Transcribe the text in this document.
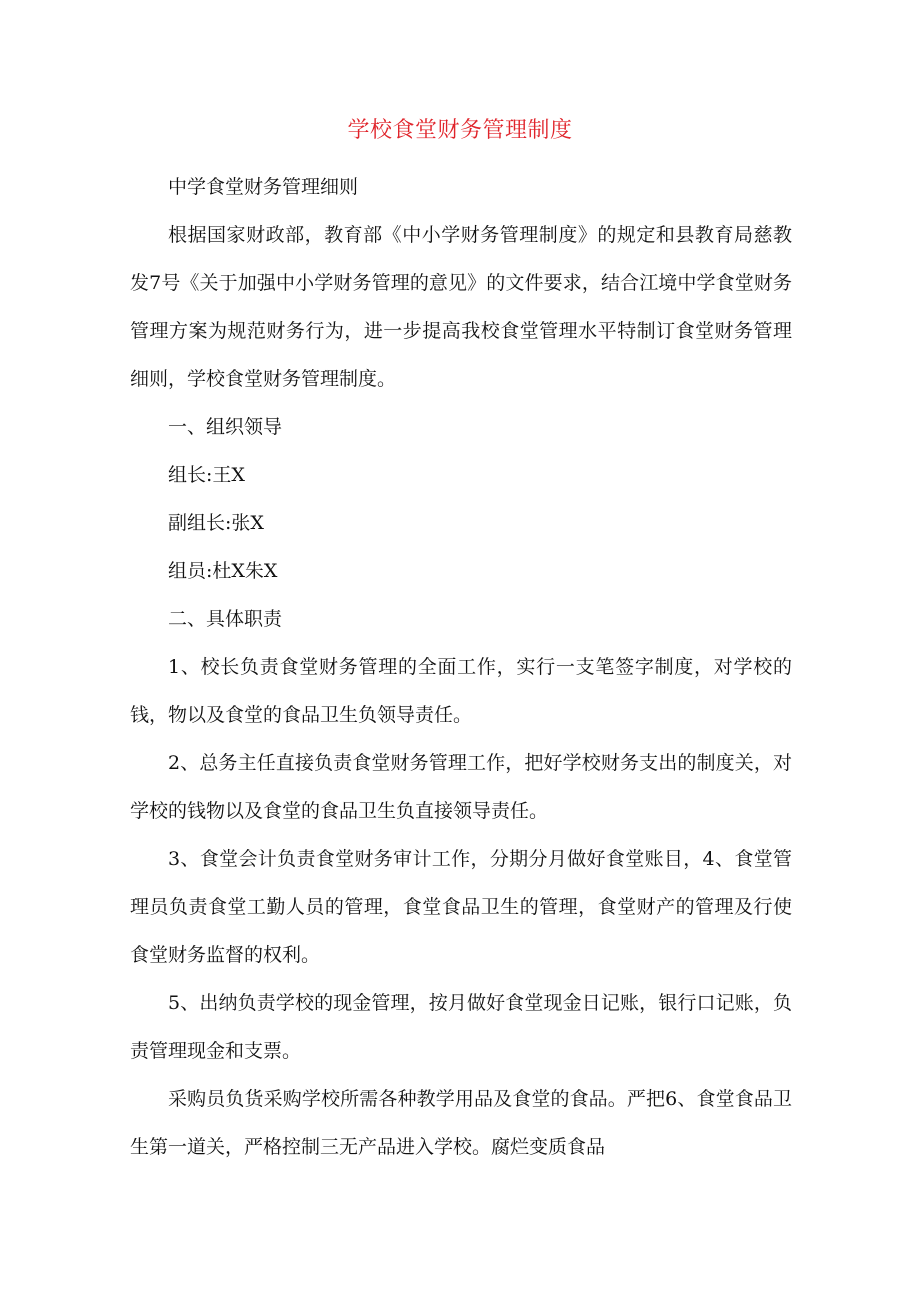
学校食堂财务管理制度

中学食堂财务管理细则

根据国家财政部，教育部《中小学财务管理制度》的规定和县教育局慈教发7号《关于加强中小学财务管理的意见》的文件要求，结合江境中学食堂财务管理方案为规范财务行为，进一步提高我校食堂管理水平特制订食堂财务管理细则，学校食堂财务管理制度。

一、组织领导

组长:王X

副组长:张X

组员:杜X朱X

二、具体职责

1、校长负责食堂财务管理的全面工作，实行一支笔签字制度，对学校的钱，物以及食堂的食品卫生负领导责任。

2、总务主任直接负责食堂财务管理工作，把好学校财务支出的制度关，对学校的钱物以及食堂的食品卫生负直接领导责任。

3、食堂会计负责食堂财务审计工作，分期分月做好食堂账目，4、食堂管理员负责食堂工勤人员的管理，食堂食品卫生的管理，食堂财产的管理及行使食堂财务监督的权利。

5、出纳负责学校的现金管理，按月做好食堂现金日记账，银行口记账，负责管理现金和支票。

采购员负货采购学校所需各种教学用品及食堂的食品。严把6、食堂食品卫生第一道关，严格控制三无产品进入学校。腐烂变质食品
